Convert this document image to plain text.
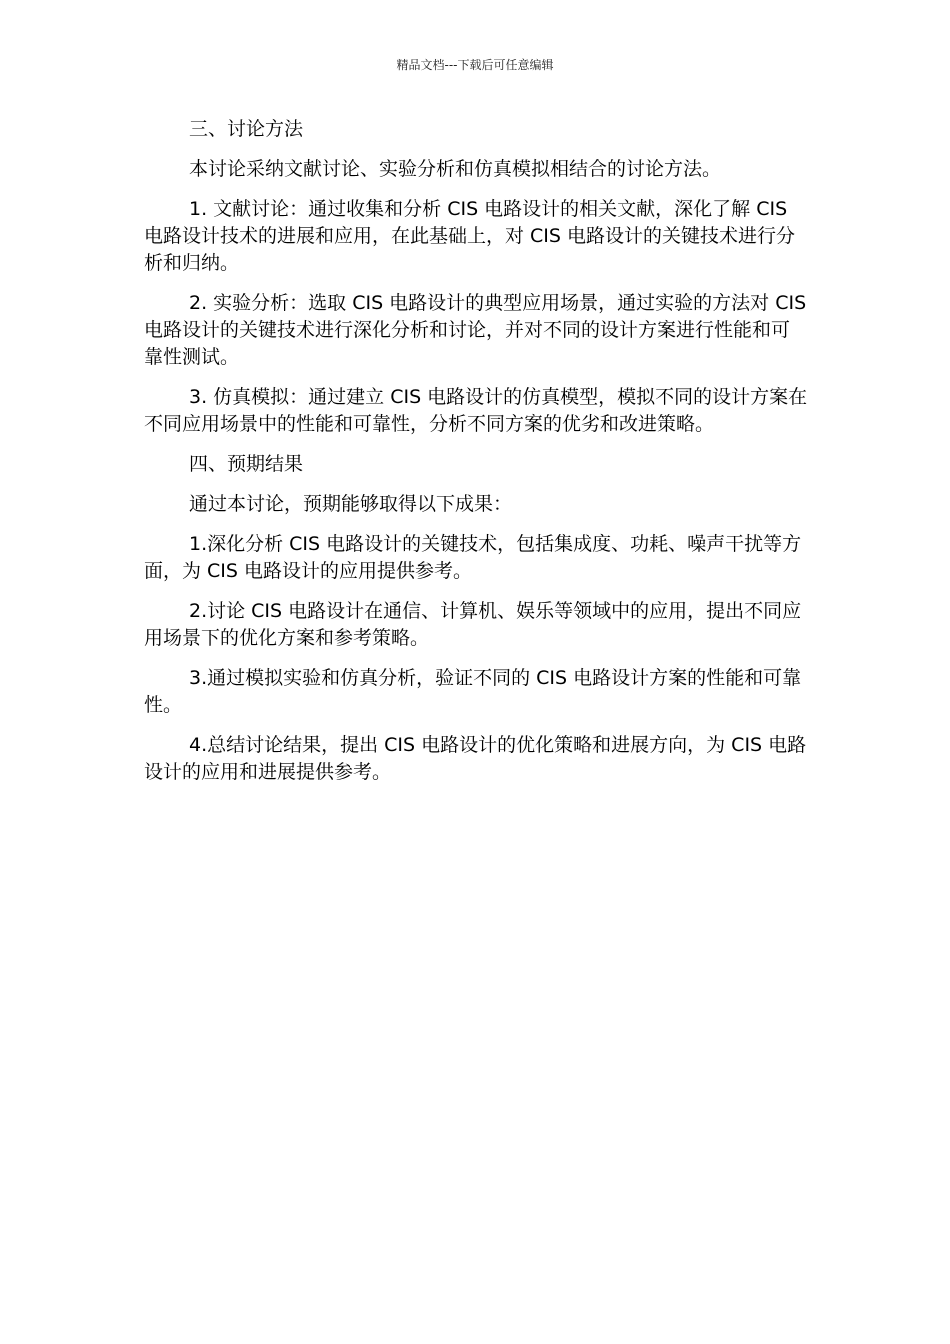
精品文档---下载后可任意编辑

三、讨论方法

本讨论采纳文献讨论、实验分析和仿真模拟相结合的讨论方法。

1. 文献讨论：通过收集和分析 CIS 电路设计的相关文献，深化了解 CIS 电路设计技术的进展和应用，在此基础上，对 CIS 电路设计的关键技术进行分析和归纳。

2. 实验分析：选取 CIS 电路设计的典型应用场景，通过实验的方法对 CIS 电路设计的关键技术进行深化分析和讨论，并对不同的设计方案进行性能和可靠性测试。

3. 仿真模拟：通过建立 CIS 电路设计的仿真模型，模拟不同的设计方案在不同应用场景中的性能和可靠性，分析不同方案的优劣和改进策略。

四、预期结果

通过本讨论，预期能够取得以下成果：

1.深化分析 CIS 电路设计的关键技术，包括集成度、功耗、噪声干扰等方面，为 CIS 电路设计的应用提供参考。

2.讨论 CIS 电路设计在通信、计算机、娱乐等领域中的应用，提出不同应用场景下的优化方案和参考策略。

3.通过模拟实验和仿真分析，验证不同的 CIS 电路设计方案的性能和可靠性。

4.总结讨论结果，提出 CIS 电路设计的优化策略和进展方向，为 CIS 电路设计的应用和进展提供参考。
